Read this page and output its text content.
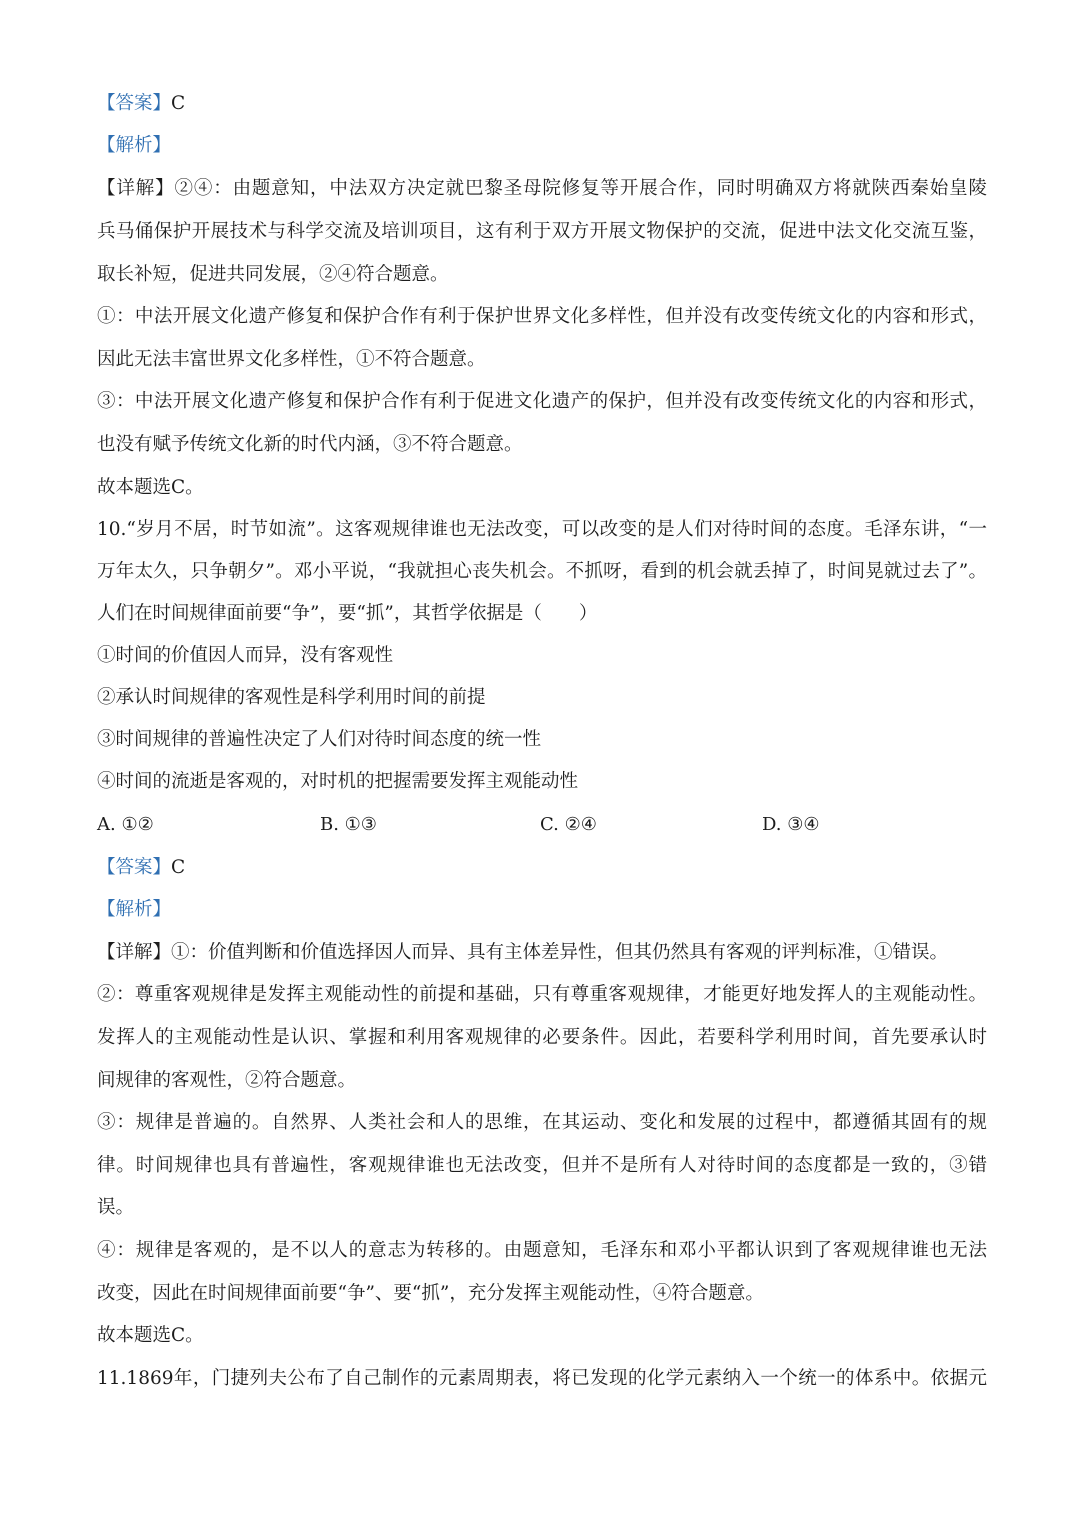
【答案】C
【解析】
【详解】②④：由题意知，中法双方决定就巴黎圣母院修复等开展合作，同时明确双方将就陕西秦始皇陵
兵马俑保护开展技术与科学交流及培训项目，这有利于双方开展文物保护的交流，促进中法文化交流互鉴，
取长补短，促进共同发展，②④符合题意。
①：中法开展文化遗产修复和保护合作有利于保护世界文化多样性，但并没有改变传统文化的内容和形式，
因此无法丰富世界文化多样性，①不符合题意。
③：中法开展文化遗产修复和保护合作有利于促进文化遗产的保护，但并没有改变传统文化的内容和形式，
也没有赋予传统文化新的时代内涵，③不符合题意。
故本题选C。
10.“岁月不居，时节如流”。这客观规律谁也无法改变，可以改变的是人们对待时间的态度。毛泽东讲，“一
万年太久，只争朝夕”。邓小平说，“我就担心丧失机会。不抓呀，看到的机会就丢掉了，时间晃就过去了”。
人们在时间规律面前要“争”，要“抓”，其哲学依据是（　　）
①时间的价值因人而异，没有客观性
②承认时间规律的客观性是科学利用时间的前提
③时间规律的普遍性决定了人们对待时间态度的统一性
④时间的流逝是客观的，对时机的把握需要发挥主观能动性
A. ①②	B. ①③	C. ②④	D. ③④
【答案】C
【解析】
【详解】①：价值判断和价值选择因人而异、具有主体差异性，但其仍然具有客观的评判标准，①错误。
②：尊重客观规律是发挥主观能动性的前提和基础，只有尊重客观规律，才能更好地发挥人的主观能动性。
发挥人的主观能动性是认识、掌握和利用客观规律的必要条件。因此，若要科学利用时间，首先要承认时
间规律的客观性，②符合题意。
③：规律是普遍的。自然界、人类社会和人的思维，在其运动、变化和发展的过程中，都遵循其固有的规
律。时间规律也具有普遍性，客观规律谁也无法改变，但并不是所有人对待时间的态度都是一致的，③错
误。
④：规律是客观的，是不以人的意志为转移的。由题意知，毛泽东和邓小平都认识到了客观规律谁也无法
改变，因此在时间规律面前要“争”、要“抓”，充分发挥主观能动性，④符合题意。
故本题选C。
11.1869年，门捷列夫公布了自己制作的元素周期表，将已发现的化学元素纳入一个统一的体系中。依据元
